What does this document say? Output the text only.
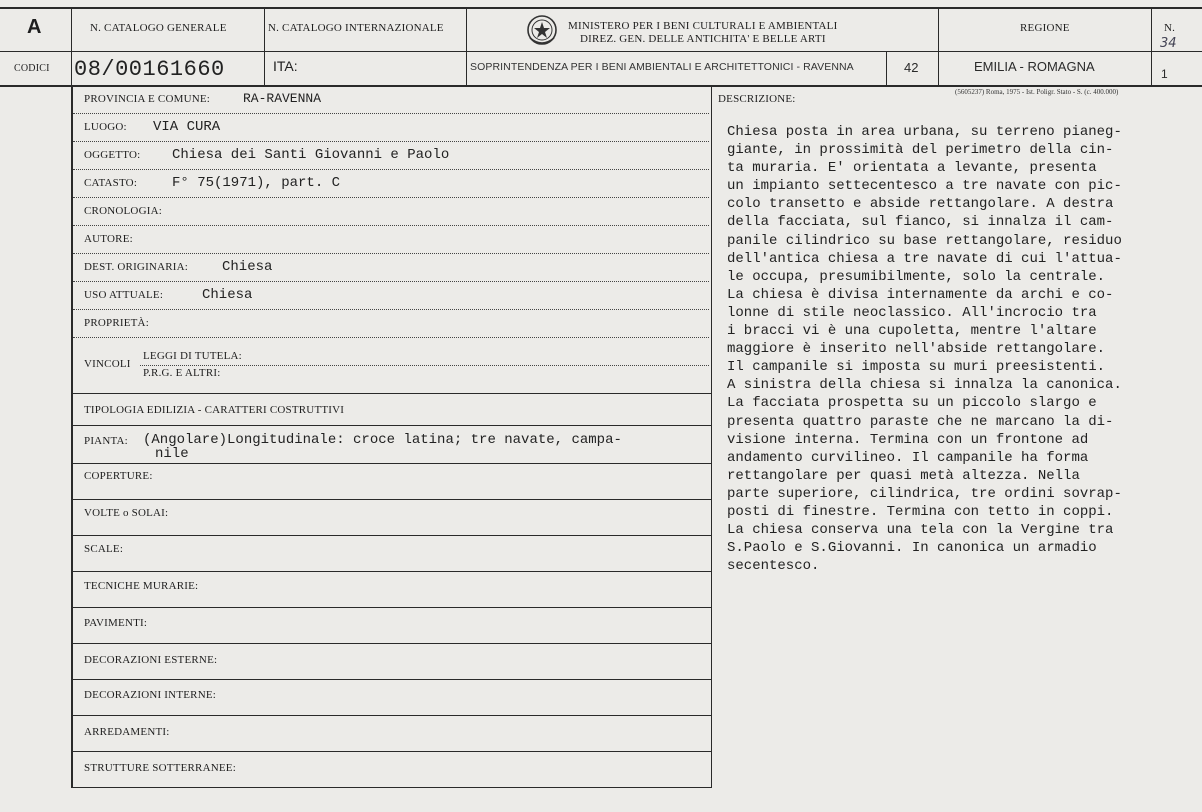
A	N. CATALOGO GENERALE	N. CATALOGO INTERNAZIONALE	MINISTERO PER I BENI CULTURALI E AMBIENTALI
DIREZ. GEN. DELLE ANTICHITA' E BELLE ARTI
REGIONE	N.
34
CODICI 08/00161660	ITA:	SOPRINTENDENZA PER I BENI AMBIENTALI E ARCHITETTONICI - RAVENNA	42	EMILIA - ROMAGNA	1
(5605237) Roma, 1975 - Ist. Poligr. Stato - S. (c. 400.000)
PROVINCIA E COMUNE:	RA-RAVENNA
LUOGO: VIA CURA
OGGETTO: Chiesa dei Santi Giovanni e Paolo
CATASTO: F° 75(1971), part. C
CRONOLOGIA:
AUTORE:
DEST. ORIGINARIA: Chiesa
USO ATTUALE:	Chiesa
PROPRIETÀ:
VINCOLI
LEGGI DI TUTELA:
P.R.G. E ALTRI:
TIPOLOGIA EDILIZIA - CARATTERI COSTRUTTIVI
PIANTA: (Angolare)Longitudinale: croce latina; tre navate, campa-
nile
COPERTURE:
VOLTE o SOLAI:
SCALE:
TECNICHE MURARIE:
PAVIMENTI:
DECORAZIONI ESTERNE:
DECORAZIONI INTERNE:
ARREDAMENTI:
STRUTTURE SOTTERRANEE:
DESCRIZIONE:
Chiesa posta in area urbana, su terreno pianeg-
giante, in prossimità del perimetro della cin-
ta muraria. E' orientata a levante, presenta
un impianto settecentesco a tre navate con pic-
colo transetto e abside rettangolare. A destra
della facciata, sul fianco, si innalza il cam-
panile cilindrico su base rettangolare, residuo
dell'antica chiesa a tre navate di cui l'attua-
le occupa, presumibilmente, solo la centrale.
La chiesa è divisa internamente da archi e co-
lonne di stile neoclassico. All'incrocio tra
i bracci vi è una cupoletta, mentre l'altare
maggiore è inserito nell'abside rettangolare.
Il campanile si imposta su muri preesistenti.
A sinistra della chiesa si innalza la canonica.
La facciata prospetta su un piccolo slargo e
presenta quattro paraste che ne marcano la di-
visione interna. Termina con un frontone ad
andamento curvilineo. Il campanile ha forma
rettangolare per quasi metà altezza. Nella
parte superiore, cilindrica, tre ordini sovrap-
posti di finestre. Termina con tetto in coppi.
La chiesa conserva una tela con la Vergine tra
S.Paolo e S.Giovanni. In canonica un armadio
secentesco.
